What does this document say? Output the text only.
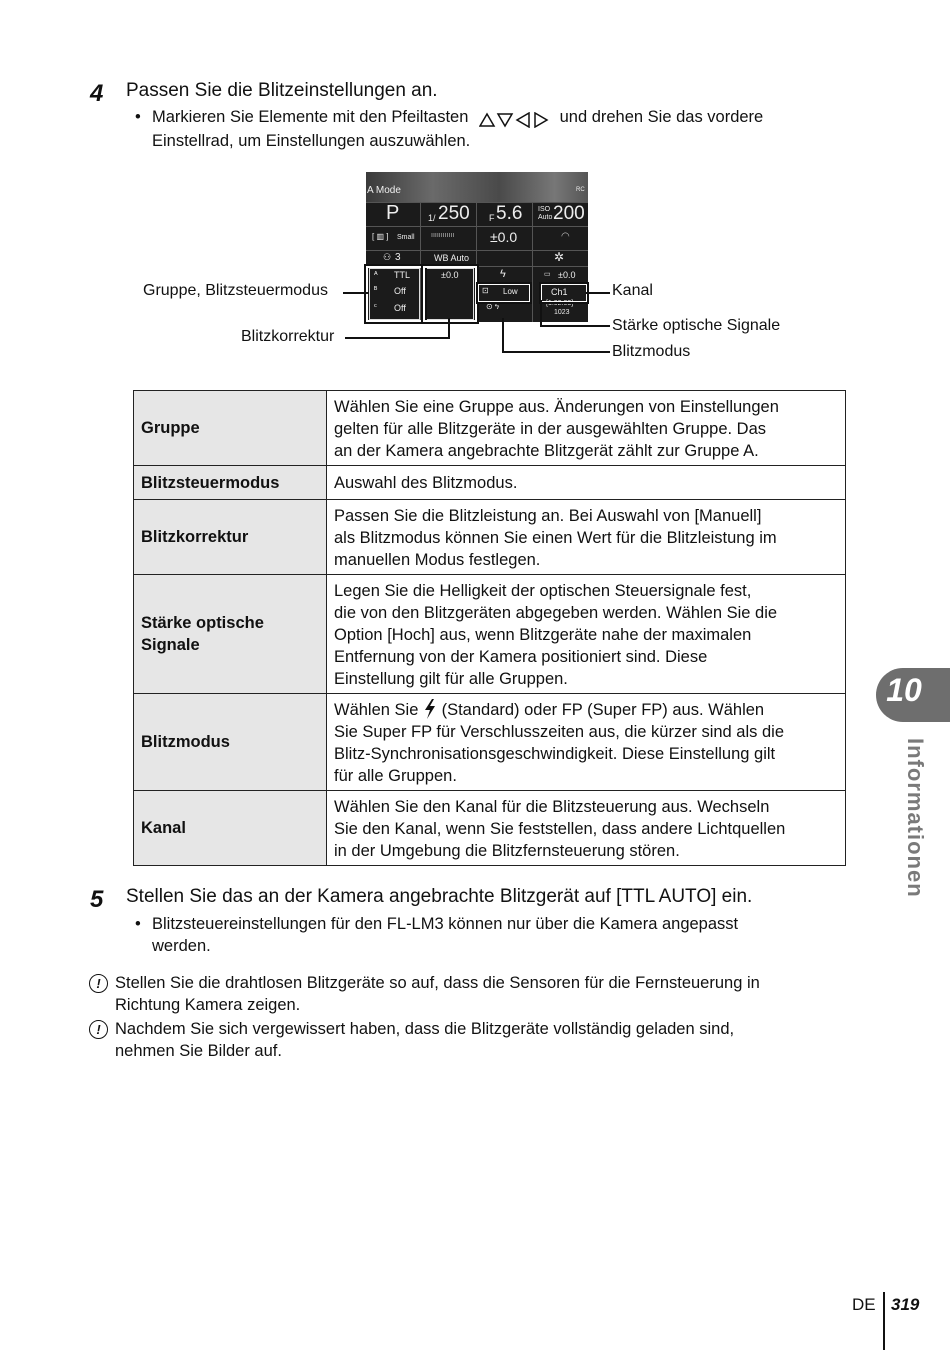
4 Passen Sie die Blitzeinstellungen an.
• Markieren Sie Elemente mit den Pfeiltasten	und drehen Sie das vordere
Einstellrad, um Einstellungen auszuwählen.
A Mode	RC
P	1/ 250 F 5.6 ISO
Auto 200
[ ▥ ] Small ıııııııııııı	±0.0	◠
⚇ 3	WB Auto	✲
ᴬ TTL
ᴮ Off
ᶜ Off
±0.0	ϟ
⊡ Low
⊙ ϟ
▭ ±0.0
Ch1
[1:02:03]
1023
Gruppe, Blitzsteuermodus
Blitzkorrektur
Kanal
Stärke optische Signale
Blitzmodus
Gruppe	Wählen Sie eine Gruppe aus. Änderungen von Einstellungen
gelten für alle Blitzgeräte in der ausgewählten Gruppe. Das
an der Kamera angebrachte Blitzgerät zählt zur Gruppe A.
Blitzsteuermodus	Auswahl des Blitzmodus.
Blitzkorrektur	Passen Sie die Blitzleistung an. Bei Auswahl von [Manuell]
als Blitzmodus können Sie einen Wert für die Blitzleistung im
manuellen Modus festlegen.
Stärke optische
Signale	Legen Sie die Helligkeit der optischen Steuersignale fest,
die von den Blitzgeräten abgegeben werden. Wählen Sie die
Option [Hoch] aus, wenn Blitzgeräte nahe der maximalen
Entfernung von der Kamera positioniert sind. Diese
Einstellung gilt für alle Gruppen.
Blitzmodus	Wählen Sie (Standard) oder FP (Super FP) aus. Wählen
Sie Super FP für Verschlusszeiten aus, die kürzer sind als die
Blitz-Synchronisationsgeschwindigkeit. Diese Einstellung gilt
für alle Gruppen.
Kanal	Wählen Sie den Kanal für die Blitzsteuerung aus. Wechseln
Sie den Kanal, wenn Sie feststellen, dass andere Lichtquellen
in der Umgebung die Blitzfernsteuerung stören.
10
Informationen
5 Stellen Sie das an der Kamera angebrachte Blitzgerät auf [TTL AUTO] ein.
• Blitzsteuereinstellungen für den FL-LM3 können nur über die Kamera angepasst
werden.
! Stellen Sie die drahtlosen Blitzgeräte so auf, dass die Sensoren für die Fernsteuerung in
Richtung Kamera zeigen.
! Nachdem Sie sich vergewissert haben, dass die Blitzgeräte vollständig geladen sind,
nehmen Sie Bilder auf.
DE 319
